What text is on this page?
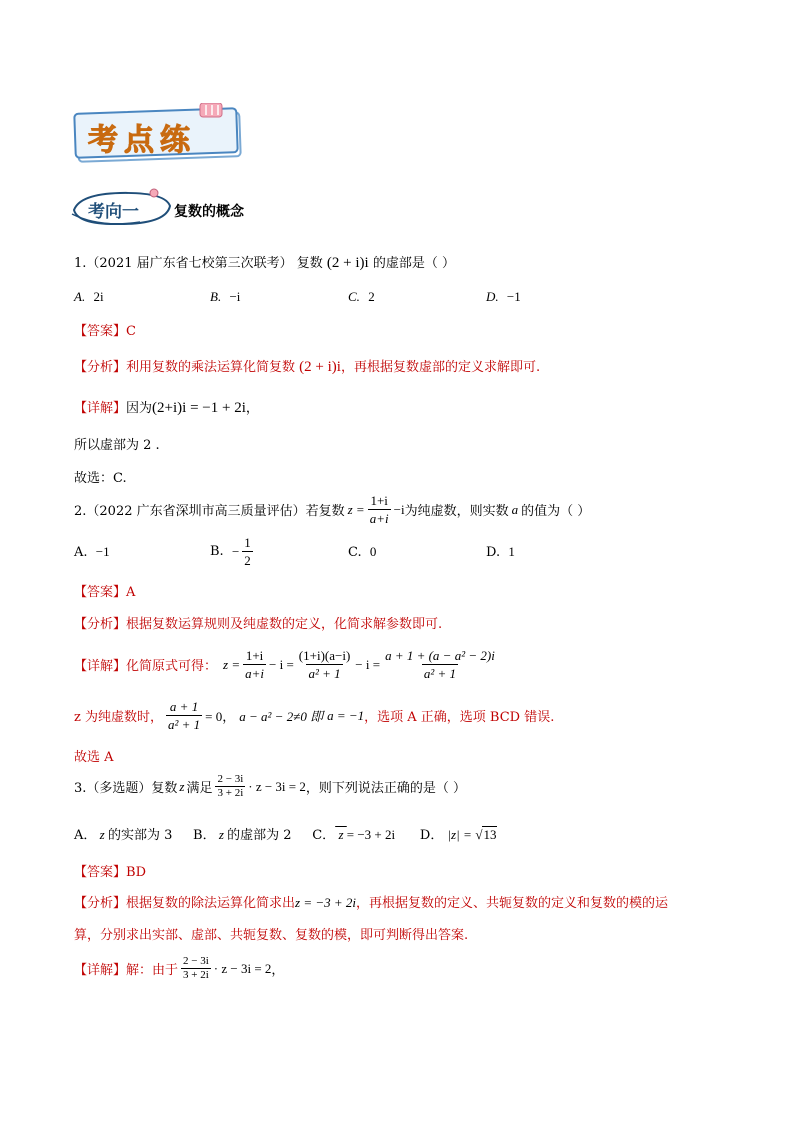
考点练
考向一	复数的概念
1.（2021 届广东省七校第三次联考） 复数 (2 + i)i 的虚部是（ ）
A. 2i	B. −i	C. 2	D. −1
【答案】C
【分析】利用复数的乘法运算化简复数 (2 + i)i，再根据复数虚部的定义求解即可.
【详解】因为(2+i)i = −1 + 2i，
所以虚部为 2 .
故选：C.
2.（2022 广东省深圳市高三质量评估）若复数 $z = \frac{1+i}{a+i} -i$ 为纯虚数，则实数 a 的值为（ ）
A. −1	B.
− $\frac{1}{2}$	C. 0	D. 1
【答案】A
【分析】根据复数运算规则及纯虚数的定义，化简求解参数即可.
【详解】 化简原式可得： $z = \frac{1+i}{a+i} - i = \frac{(1+i)(a-i)}{\text{a² + 1}} - i = \frac{\text{a + 1 + (a − a² − 2)i}}{\text{a² + 1}}$
z 为纯虚数时， $\frac{a + 1}{\text{a² + 1}} = 0$， a − a² − 2≠0 即 a = −1 ，选项 A 正确，选项 BCD 错误.
故选 A
3.（多选题）复数 z 满足 $\frac{2 - 3i}{3 + 2i} \cdot z - 3i = 2$ ，则下列说法正确的是（ ）
A． z 的实部为 3 B． z 的虚部为 2 C． z = −3 + 2i D． |z| = √13
【答案】BD
【分析】根据复数的除法运算化简求出z = −3 + 2i，再根据复数的定义、共轭复数的定义和复数的模的运
算，分别求出实部、虚部、共轭复数、复数的模，即可判断得出答案.
【详解】 解：由于 $\frac{2 - 3i}{3 + 2i} \cdot z - 3i = 2$ ，
